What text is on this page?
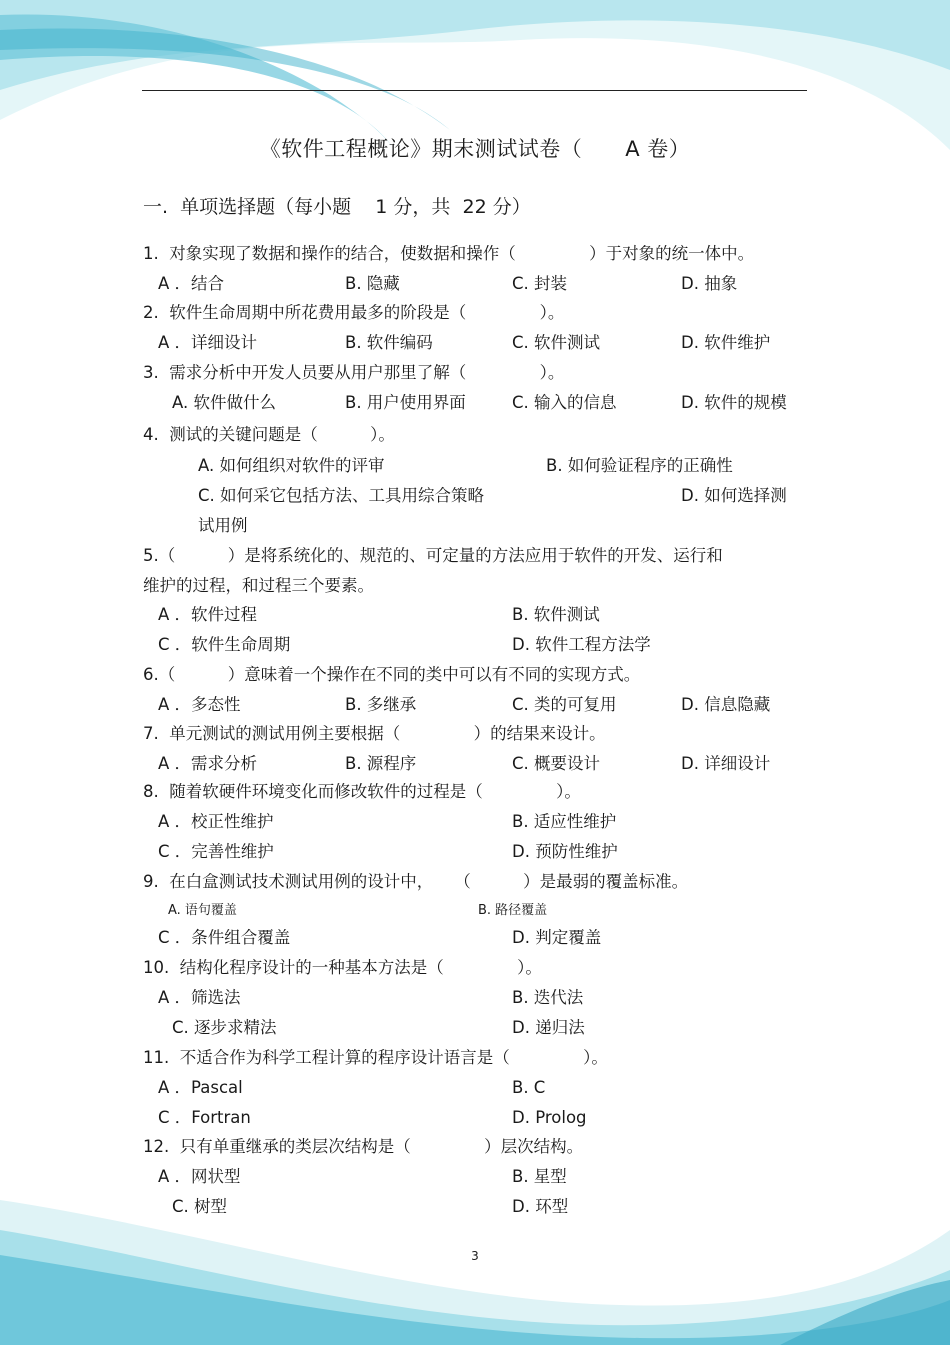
《软件工程概论》期末测试试卷（      A 卷）
一.  单项选择题（每小题    1 分，共  22 分）
1.  对象实现了数据和操作的结合，使数据和操作（              ）于对象的统一体中。
A ．结合	B. 隐藏	C. 封装	D. 抽象
2.  软件生命周期中所花费用最多的阶段是（              ）。
A ．详细设计	B. 软件编码	C. 软件测试	D. 软件维护
3.  需求分析中开发人员要从用户那里了解（              ）。
A. 软件做什么	B. 用户使用界面	C. 输入的信息	D. 软件的规模
4.  测试的关键问题是（          ）。
A. 如何组织对软件的评审	B. 如何验证程序的正确性
C. 如何采它包括方法、工具用综合策略	D. 如何选择测
试用例
5.（          ）是将系统化的、规范的、可定量的方法应用于软件的开发、运行和
维护的过程，和过程三个要素。
A ．软件过程	B. 软件测试
C ．软件生命周期	D. 软件工程方法学
6.（          ）意味着一个操作在不同的类中可以有不同的实现方式。
A ．多态性	B. 多继承	C. 类的可复用	D. 信息隐藏
7.  单元测试的测试用例主要根据（              ）的结果来设计。
A ．需求分析	B. 源程序	C. 概要设计	D. 详细设计
8.  随着软硬件环境变化而修改软件的过程是（              ）。
A ．校正性维护	B. 适应性维护
C ．完善性维护	D. 预防性维护
9.  在白盒测试技术测试用例的设计中，    （          ）是最弱的覆盖标准。
A. 语句覆盖	B. 路径覆盖
C ．条件组合覆盖	D. 判定覆盖
10.  结构化程序设计的一种基本方法是（              ）。
A ．筛选法	B. 迭代法
C. 逐步求精法	D. 递归法
11.  不适合作为科学工程计算的程序设计语言是（              ）。
A ．Pascal	B. C
C ．Fortran	D. Prolog
12.  只有单重继承的类层次结构是（              ）层次结构。
A ．网状型	B. 星型
C. 树型	D. 环型
3
